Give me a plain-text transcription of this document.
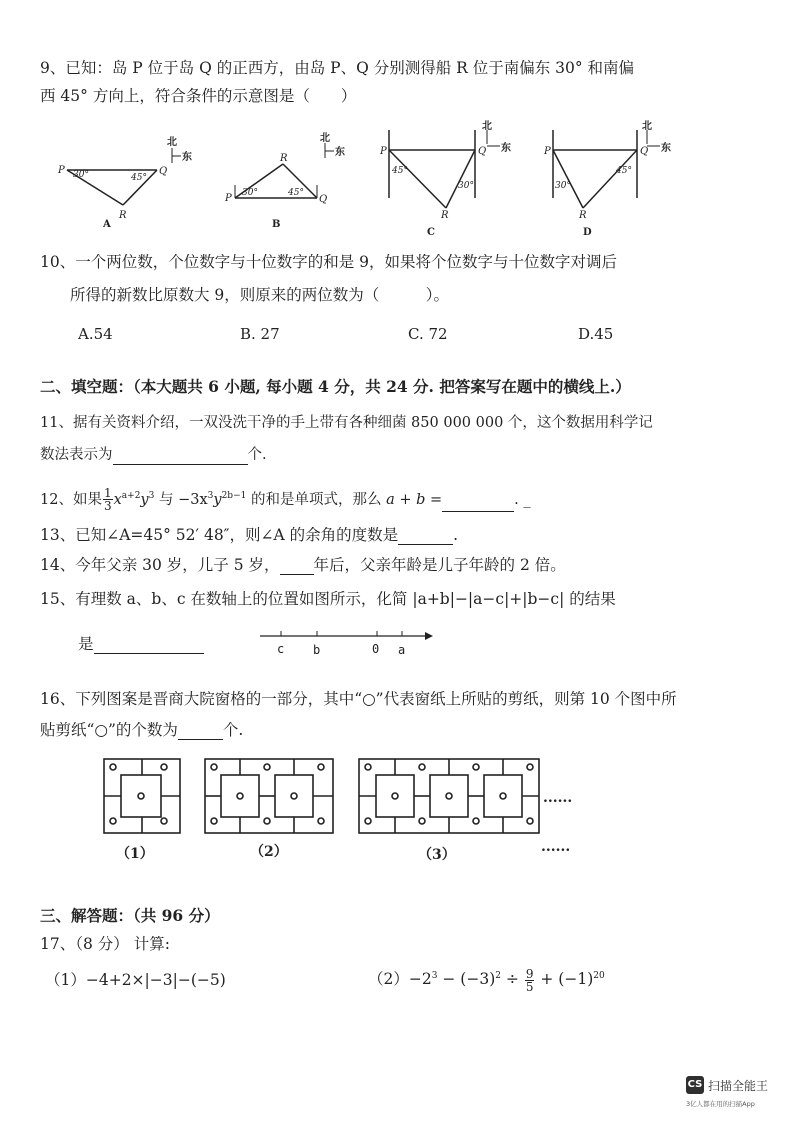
9、已知：岛 P 位于岛 Q 的正西方，由岛 P、Q 分别测得船 R 位于南偏东 30° 和南偏
西 45° 方向上，符合条件的示意图是（　　）
P	Q
R
30°	45°
北
东
A
P	Q
R
30°	45°
北
东
B
P	Q
R
45°
30°
北
东
C
P	Q
R
30°
45°
北
东
D
10、一个两位数，个位数字与十位数字的和是 9，如果将个位数字与十位数字对调后
所得的新数比原数大 9，则原来的两位数为（　　　）。
A.54	B. 27	C. 72	D.45
二、填空题：（本大题共 6 小题, 每小题 4 分，共 24 分. 把答案写在题中的横线上.）
11、据有关资料介绍，一双没洗干净的手上带有各种细菌 850 000 000 个，这个数据用科学记
数法表示为	个.
12、如果 $\frac{1}{3} x^{a+2}y^3$ 与 $-3x^3y^{2b-1}$ 的和是单项式，那么 a + b =	. _
13、已知∠A=45° 52′ 48″，则∠A 的余角的度数是	.
14、今年父亲 30 岁，儿子 5 岁， 年后，父亲年龄是儿子年龄的 2 倍。
15、有理数 a、b、c 在数轴上的位置如图所示，化简 |a+b|−|a−c|+|b−c| 的结果
是	c b	0 a
16、下列图案是晋商大院窗格的一部分，其中“○”代表窗纸上所贴的剪纸，则第 10 个图中所
贴剪纸“○”的个数为	个.
（1）	（2）	（3）
......
......
三、解答题：（共 96 分）
17、（8 分） 计算:
（1）−4+2×|−3|−(−5)	$(2)-2^3 - (-3)^2 \div \frac{9}{5} + (-1)^{20}$
CS 扫描全能王
3亿人都在用的扫描App
